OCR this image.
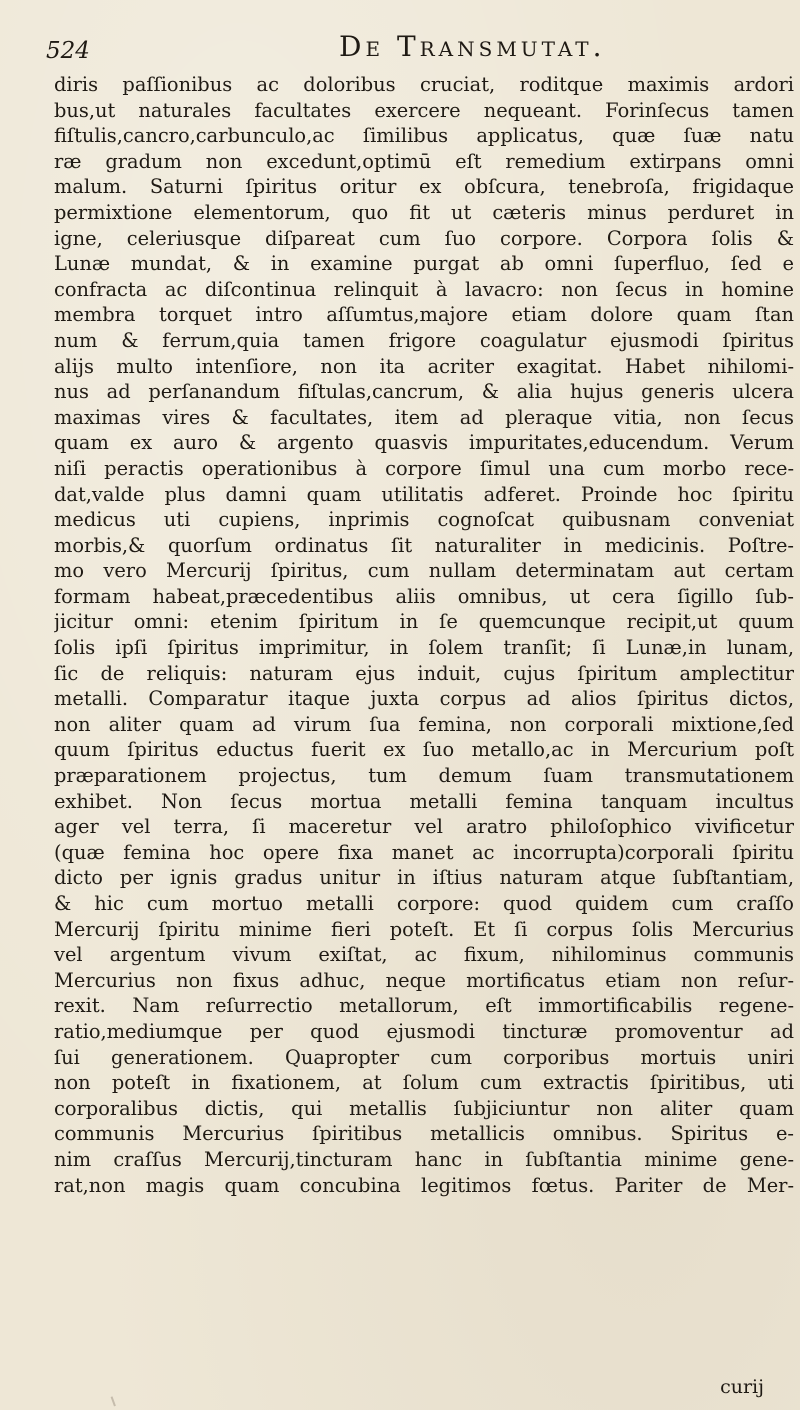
524	De Transmutat.
diris paſſionibus ac doloribus cruciat, roditque maximis ardori
bus,ut naturales facultates exercere nequeant. Forinſecus tamen
fiſtulis,cancro,carbunculo,ac ſimilibus applicatus, quæ ſuæ natu
ræ gradum non excedunt,optimū eſt remedium extirpans omni
malum. Saturni ſpiritus oritur ex obſcura, tenebroſa, frigidaque
permixtione elementorum, quo fit ut cæteris minus perduret in
igne, celeriusque diſpareat cum ſuo corpore. Corpora ſolis &
Lunæ mundat, & in examine purgat ab omni ſuperfluo, ſed e
confracta ac diſcontinua relinquit à lavacro: non ſecus in homine
membra torquet intro aſſumtus,majore etiam dolore quam ſtan
num & ferrum,quia tamen frigore coagulatur ejusmodi ſpiritus
alijs multo intenſiore, non ita acriter exagitat. Habet nihilomi-
nus ad perſanandum fiſtulas,cancrum, & alia hujus generis ulcera
maximas vires & facultates, item ad pleraque vitia, non ſecus
quam ex auro & argento quasvis impuritates,educendum. Verum
niſi peractis operationibus à corpore ſimul una cum morbo rece-
dat,valde plus damni quam utilitatis adferet. Proinde hoc ſpiritu
medicus uti cupiens, inprimis cognoſcat quibusnam conveniat
morbis,& quorſum ordinatus ſit naturaliter in medicinis. Poſtre-
mo vero Mercurij ſpiritus, cum nullam determinatam aut certam
formam habeat,præcedentibus aliis omnibus, ut cera ſigillo ſub-
jicitur omni: etenim ſpiritum in ſe quemcunque recipit,ut quum
ſolis ipſi ſpiritus imprimitur, in ſolem tranſit; ſi Lunæ,in lunam,
ſic de reliquis: naturam ejus induit, cujus ſpiritum amplectitur
metalli. Comparatur itaque juxta corpus ad alios ſpiritus dictos,
non aliter quam ad virum ſua femina, non corporali mixtione,ſed
quum ſpiritus eductus fuerit ex ſuo metallo,ac in Mercurium poſt
præparationem projectus, tum demum ſuam transmutationem
exhibet. Non ſecus mortua metalli femina tanquam incultus
ager vel terra, ſi maceretur vel aratro philoſophico vivificetur
(quæ femina hoc opere fixa manet ac incorrupta)corporali ſpiritu
dicto per ignis gradus unitur in iſtius naturam atque ſubſtantiam,
& hic cum mortuo metalli corpore: quod quidem cum craſſo
Mercurij ſpiritu minime fieri poteſt. Et ſi corpus ſolis Mercurius
vel argentum vivum exiſtat, ac fixum, nihilominus communis
Mercurius non fixus adhuc, neque mortificatus etiam non reſur-
rexit. Nam reſurrectio metallorum, eſt immortificabilis regene-
ratio,mediumque per quod ejusmodi tincturæ promoventur ad
ſui generationem. Quapropter cum corporibus mortuis uniri
non poteſt in fixationem, at ſolum cum extractis ſpiritibus, uti
corporalibus dictis, qui metallis ſubjiciuntur non aliter quam
communis Mercurius ſpiritibus metallicis omnibus. Spiritus e-
nim craſſus Mercurij,tincturam hanc in ſubſtantia minime gene-
rat,non magis quam concubina legitimos fœtus. Pariter de Mer-
curij
